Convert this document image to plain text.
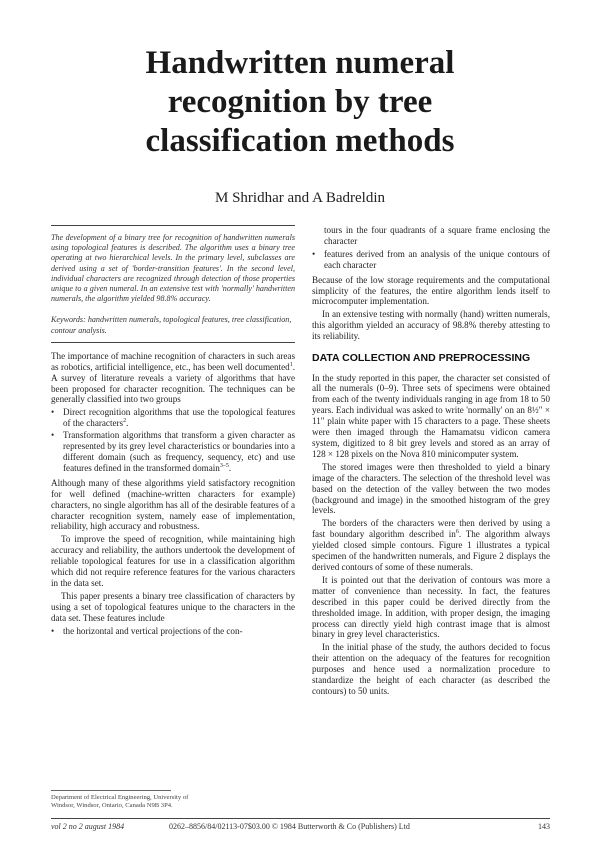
Handwritten numeral
recognition by tree
classification methods
M Shridhar and A Badreldin
The development of a binary tree for recognition of handwritten numerals using topological features is described. The algorithm uses a binary tree operating at two hierarchical levels. In the primary level, subclasses are derived using a set of 'border-transition features'. In the second level, individual characters are recognized through detection of those properties unique to a given numeral. In an extensive test with 'normally' handwritten numerals, the algorithm yielded 98.8% accuracy.
Keywords: handwritten numerals, topological features, tree classification, contour analysis.

The importance of machine recognition of characters in such areas as robotics, artificial intelligence, etc., has been well documented$^1$. A survey of literature reveals a variety of algorithms that have been proposed for character recognition. The techniques can be generally classified into two groups

• Direct recognition algorithms that use the topological features of the characters$^2$.
• Transformation algorithms that transform a given character as represented by its grey level characteristics or boundaries into a different domain (such as frequency, sequency, etc) and use features defined in the transformed domain$^{3-5}$.

Although many of these algorithms yield satisfactory recognition for well defined (machine-written characters for example) characters, no single algorithm has all of the desirable features of a character recognition system, namely ease of implementation, reliability, high accuracy and robustness.

To improve the speed of recognition, while maintaining high accuracy and reliability, the authors undertook the development of reliable topological features for use in a classification algorithm which did not require reference features for the various characters in the data set.

This paper presents a binary tree classification of characters by using a set of topological features unique to the characters in the data set. These features include

• the horizontal and vertical projections of the con-
Department of Electrical Engineering, University of Windsor, Windsor, Ontario, Canada N9B 3P4.

tours in the four quadrants of a square frame enclosing the character

• features derived from an analysis of the unique contours of each character

Because of the low storage requirements and the computational simplicity of the features, the entire algorithm lends itself to microcomputer implementation.

In an extensive testing with normally (hand) written numerals, this algorithm yielded an accuracy of 98.8% thereby attesting to its reliability.

DATA COLLECTION AND PREPROCESSING

In the study reported in this paper, the character set consisted of all the numerals (0–9). Three sets of specimens were obtained from each of the twenty individuals ranging in age from 18 to 50 years. Each individual was asked to write 'normally' on an 8½" × 11" plain white paper with 15 characters to a page. These sheets were then imaged through the Hamamatsu vidicon camera system, digitized to 8 bit grey levels and stored as an array of 128 × 128 pixels on the Nova 810 minicomputer system.

The stored images were then thresholded to yield a binary image of the characters. The selection of the threshold level was based on the detection of the valley between the two modes (background and image) in the smoothed histogram of the grey levels.

The borders of the characters were then derived by using a fast boundary algorithm described $in^6$. The algorithm always yielded closed simple contours. Figure 1 illustrates a typical specimen of the handwritten numerals, and Figure 2 displays the derived contours of some of these numerals.

It is pointed out that the derivation of contours was more a matter of convenience than necessity. In fact, the features described in this paper could be derived directly from the thresholded image. In addition, with proper design, the imaging process can directly yield high contrast image that is almost binary in grey level characteristics.

In the initial phase of the study, the authors decided to focus their attention on the adequacy of the features for recognition purposes and hence used a normalization procedure to standardize the height of each character (as described the contours) to 50 units.

vol 2 no 2 august 1984	0262–8856/84/02113-07$03.00 © 1984 Butterworth & Co (Publishers) Ltd	143
